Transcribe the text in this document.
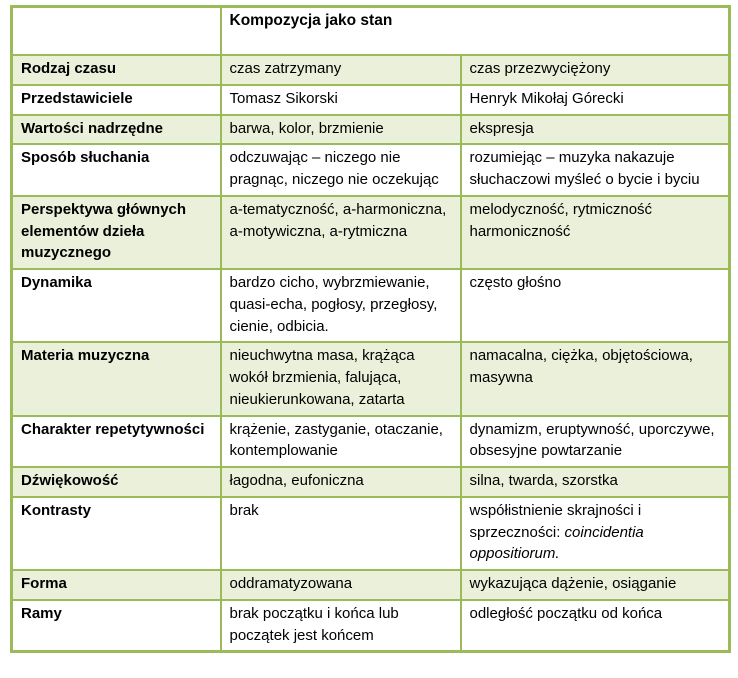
	Kompozycja jako stan	
Rodzaj czasu	czas zatrzymany	czas przezwyciężony
Przedstawiciele	Tomasz Sikorski	Henryk Mikołaj Górecki
Wartości nadrzędne	barwa, kolor, brzmienie	ekspresja
Sposób słuchania	odczuwając – niczego nie pragnąc, niczego nie oczekując	rozumiejąc – muzyka nakazuje słuchaczowi myśleć o bycie i byciu
Perspektywa głównych elementów dzieła muzycznego	a-tematyczność, a-harmoniczna, a-motywiczna, a-rytmiczna	melodyczność, rytmiczność harmoniczność
Dynamika	bardzo cicho, wybrzmiewanie, quasi-echa, pogłosy, przegłosy, cienie, odbicia.	często głośno
Materia muzyczna	nieuchwytna masa, krążąca wokół brzmienia, falująca, nieukierunkowana, zatarta	namacalna, ciężka, objętościowa, masywna
Charakter repetytywności	krążenie, zastyganie, otaczanie, kontemplowanie	dynamizm, eruptywność, uporczywe, obsesyjne powtarzanie
Dźwiękowość	łagodna, eufoniczna	silna, twarda, szorstka
Kontrasty	brak	współistnienie skrajności i sprzeczności: coincidentia oppositiorum.
Forma	oddramatyzowana	wykazująca dążenie, osiąganie
Ramy	brak początku i końca lub początek jest końcem	odległość początku od końca
